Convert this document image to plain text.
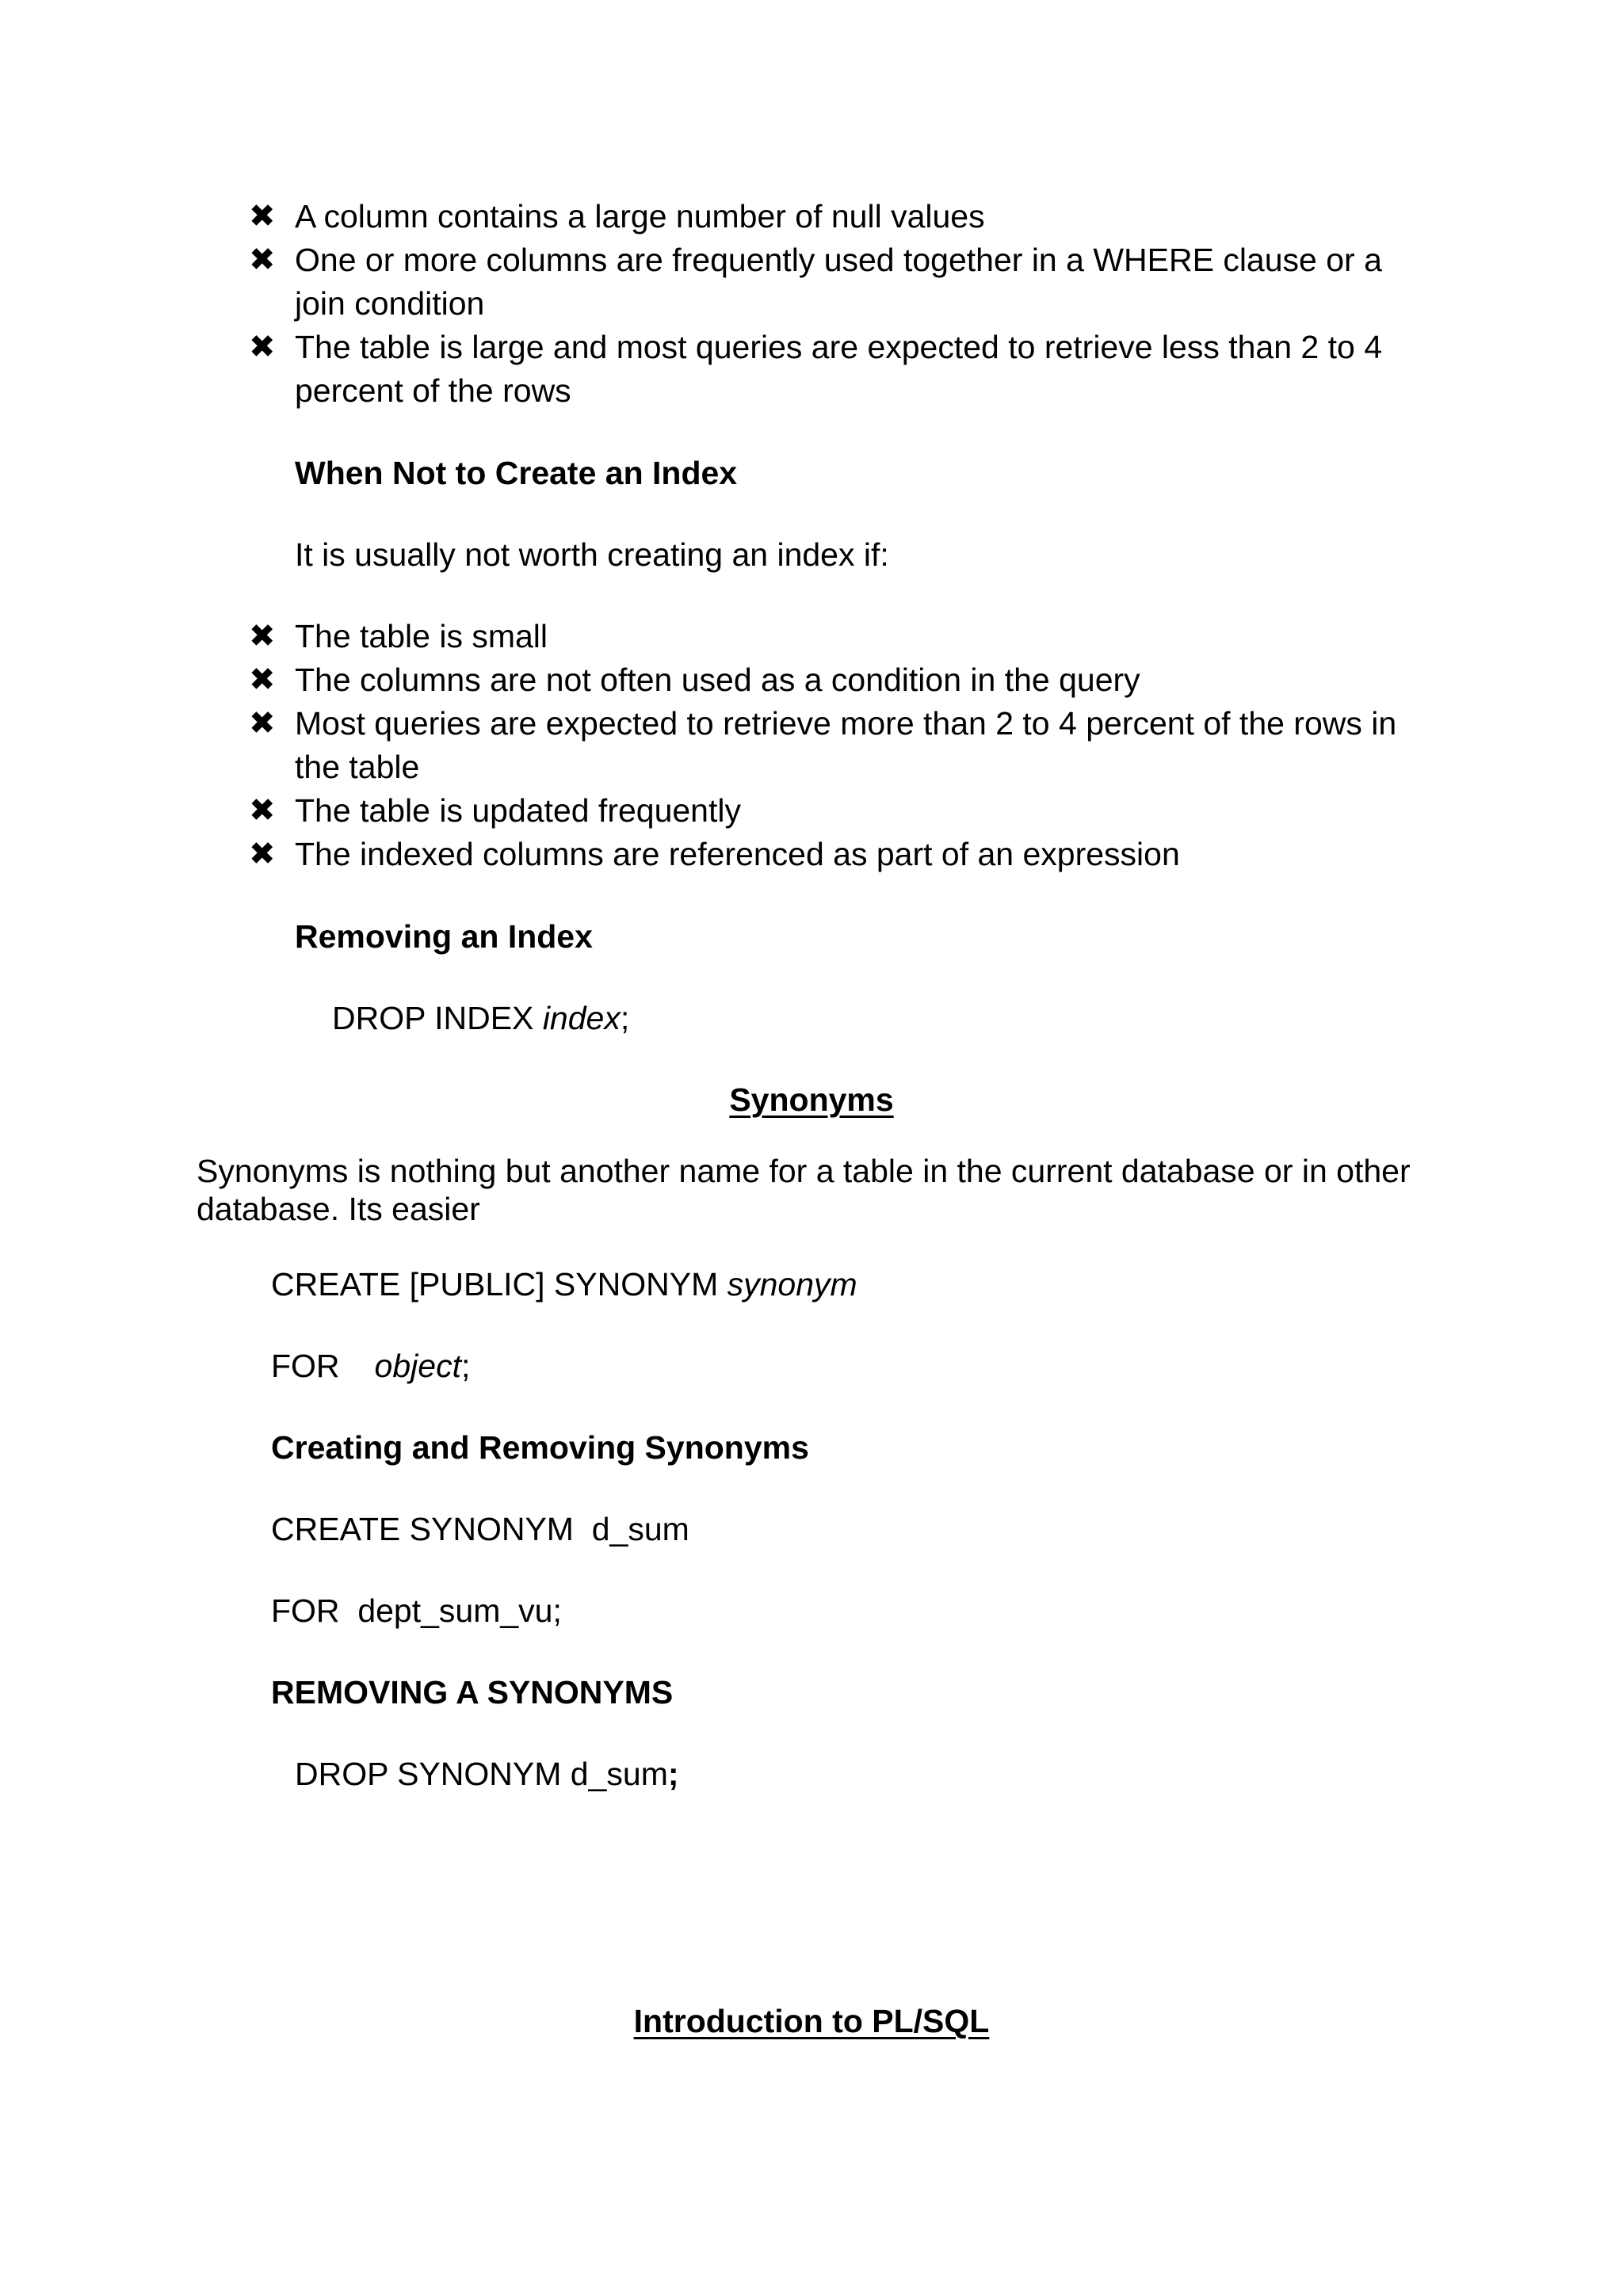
✖ A column contains a large number of null values

✖ One or more columns are frequently used together in a WHERE clause or a

join condition

✖ The table is large and most queries are expected to retrieve less than 2 to 4

percent of the rows

When Not to Create an Index

It is usually not worth creating an index if:

✖ The table is small

✖ The columns are not often used as a condition in the query

✖ Most queries are expected to retrieve more than 2 to 4 percent of the rows in

the table

✖ The table is updated frequently

✖ The indexed columns are referenced as part of an expression

Removing an Index

DROP INDEX index;

Synonyms

Synonyms is nothing but another name for a table in the current database or in other

database. Its easier

CREATE [PUBLIC] SYNONYM synonym

FOR object;

Creating and Removing Synonyms

CREATE SYNONYM  d_sum

FOR  dept_sum_vu;

REMOVING A SYNONYMS

DROP SYNONYM d_sum;

Introduction to PL/SQL
